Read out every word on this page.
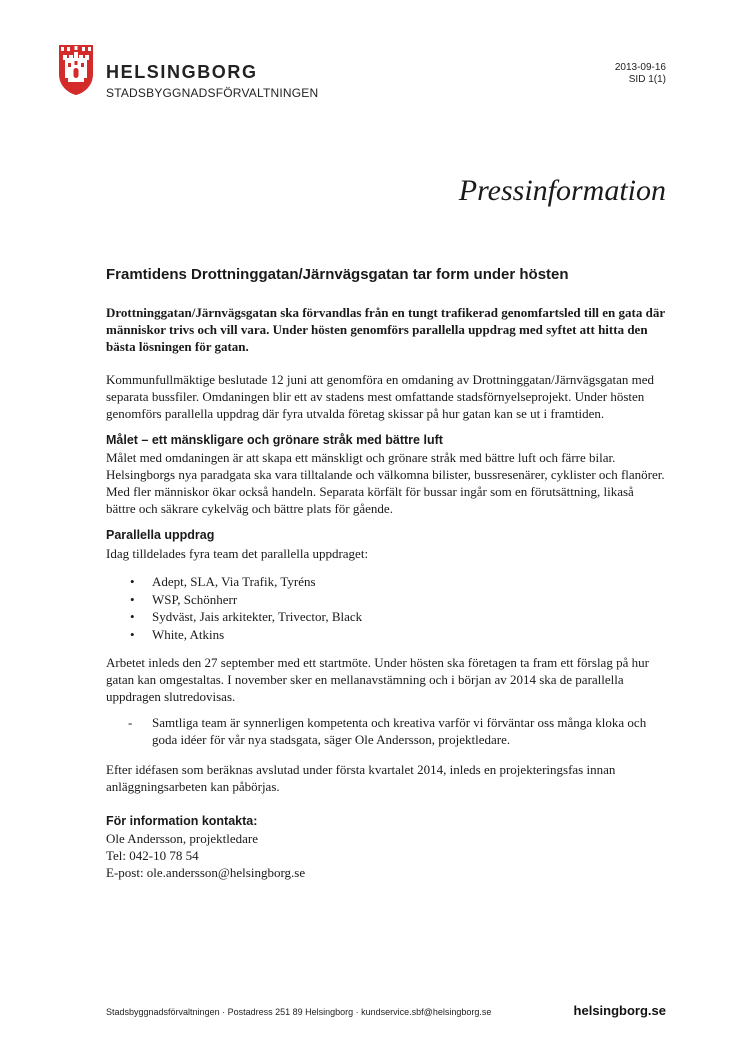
HELSINGBORG
STADSBYGGNADSFÖRVALTNINGEN
2013-09-16
SID 1(1)
Pressinformation
Framtidens Drottninggatan/Järnvägsgatan tar form under hösten
Drottninggatan/Järnvägsgatan ska förvandlas från en tungt trafikerad genomfartsled till en gata där människor trivs och vill vara. Under hösten genomförs parallella uppdrag med syftet att hitta den bästa lösningen för gatan.
Kommunfullmäktige beslutade 12 juni att genomföra en omdaning av Drottninggatan/Järnvägsgatan med separata bussfiler. Omdaningen blir ett av stadens mest omfattande stadsförnyelseprojekt. Under hösten genomförs parallella uppdrag där fyra utvalda företag skissar på hur gatan kan se ut i framtiden.
Målet – ett mänskligare och grönare stråk med bättre luft
Målet med omdaningen är att skapa ett mänskligt och grönare stråk med bättre luft och färre bilar. Helsingborgs nya paradgata ska vara tilltalande och välkomna bilister, bussresenärer, cyklister och flanörer. Med fler människor ökar också handeln. Separata körfält för bussar ingår som en förutsättning, likaså bättre och säkrare cykelväg och bättre plats för gående.
Parallella uppdrag
Idag tilldelades fyra team det parallella uppdraget:
• Adept, SLA, Via Trafik, Tyréns
• WSP, Schönherr
• Sydväst, Jais arkitekter, Trivector, Black
• White, Atkins
Arbetet inleds den 27 september med ett startmöte. Under hösten ska företagen ta fram ett förslag på hur gatan kan omgestaltas. I november sker en mellanavstämning och i början av 2014 ska de parallella uppdragen slutredovisas.
- Samtliga team är synnerligen kompetenta och kreativa varför vi förväntar oss många kloka och goda idéer för vår nya stadsgata, säger Ole Andersson, projektledare.
Efter idéfasen som beräknas avslutad under första kvartalet 2014, inleds en projekteringsfas innan anläggningsarbeten kan påbörjas.
För information kontakta:
Ole Andersson, projektledare
Tel: 042-10 78 54
E-post: ole.andersson@helsingborg.se
Stadsbyggnadsförvaltningen · Postadress 251 89 Helsingborg · kundservice.sbf@helsingborg.se	helsingborg.se
